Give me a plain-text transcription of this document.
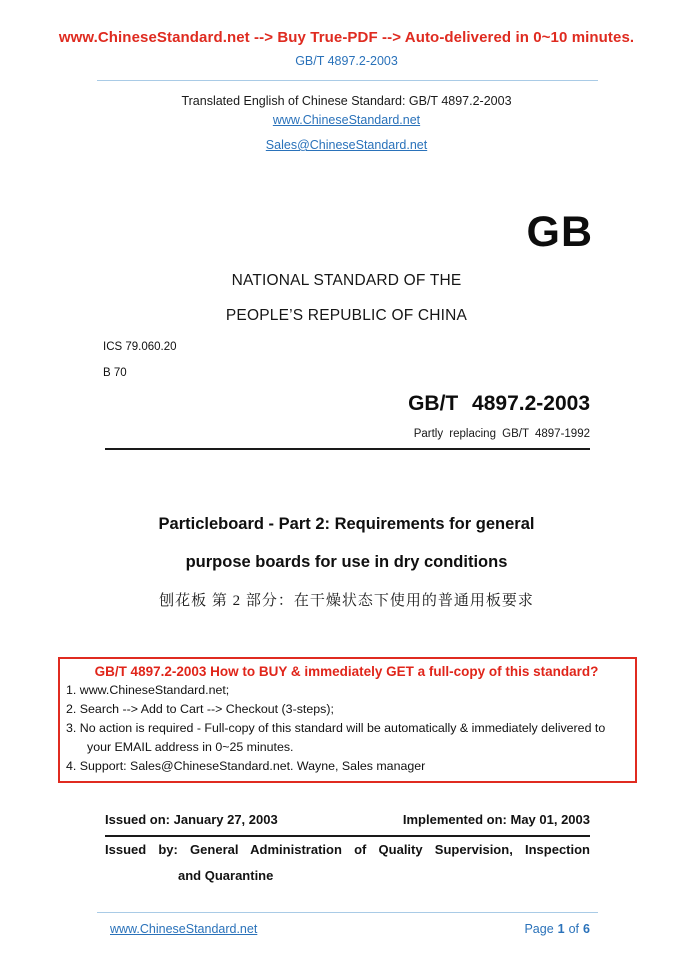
www.ChineseStandard.net --> Buy True-PDF --> Auto-delivered in 0~10 minutes.
GB/T 4897.2-2003
Translated English of Chinese Standard: GB/T 4897.2-2003
www.ChineseStandard.net
Sales@ChineseStandard.net
GB
NATIONAL STANDARD OF THE
PEOPLE’S REPUBLIC OF CHINA
ICS 79.060.20
B 70
GB/T 4897.2-2003
Partly replacing GB/T 4897-1992
Particleboard - Part 2: Requirements for general
purpose boards for use in dry conditions
刨花板 第 2 部分：在干燥状态下使用的普通用板要求
GB/T 4897.2-2003 How to BUY & immediately GET a full-copy of this standard?
1. www.ChineseStandard.net;
2. Search --> Add to Cart --> Checkout (3-steps);
3. No action is required - Full-copy of this standard will be automatically & immediately delivered to your EMAIL address in 0~25 minutes.
4. Support: Sales@ChineseStandard.net. Wayne, Sales manager
Issued on: January 27, 2003	Implemented on: May 01, 2003
Issued by: General Administration of Quality Supervision, Inspection
and Quarantine
www.ChineseStandard.net	Page 1 of 6
